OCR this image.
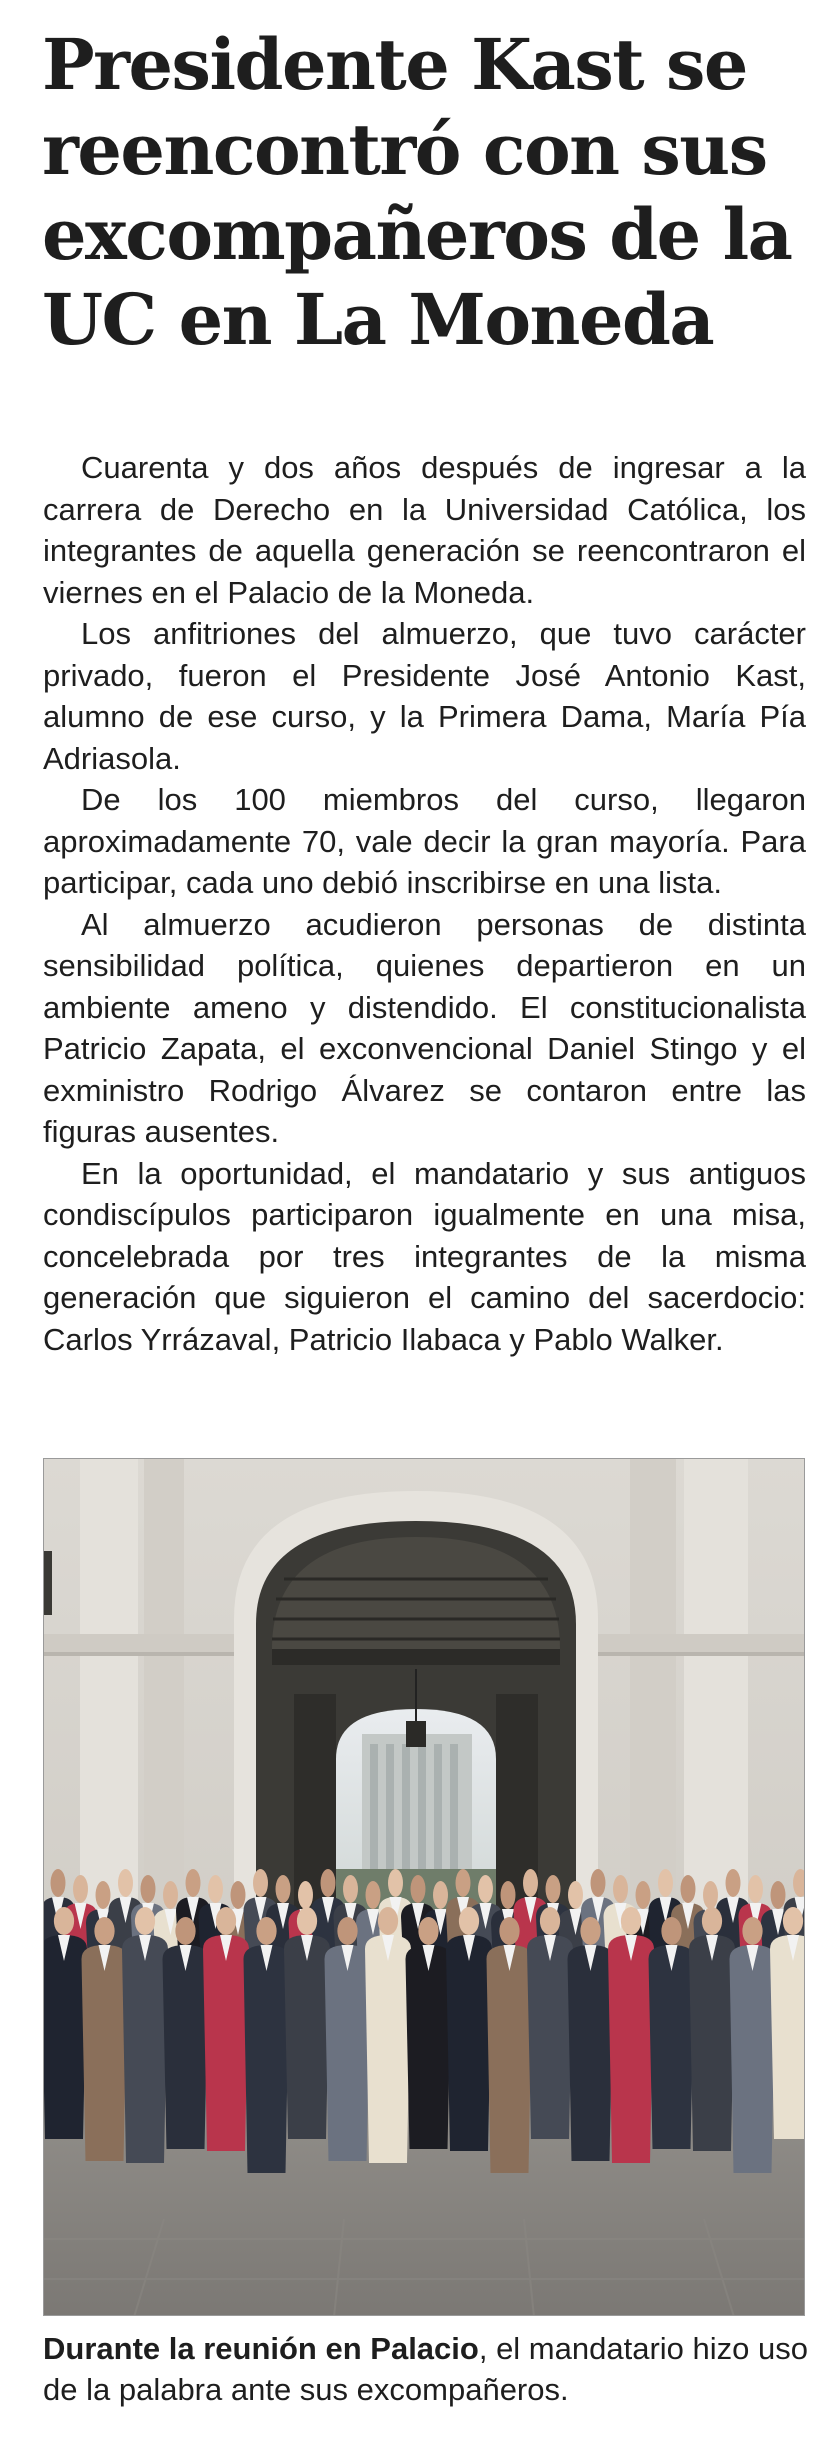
Presidente Kast se reencontró con sus excompañeros de la UC en La Moneda

Cuarenta y dos años después de ingresar a la carrera de Derecho en la Universidad Católica, los integrantes de aquella generación se reencontraron el viernes en el Palacio de la Moneda.

Los anfitriones del almuerzo, que tuvo carácter privado, fueron el Presidente José Antonio Kast, alumno de ese curso, y la Primera Dama, María Pía Adriasola.

De los 100 miembros del curso, llegaron aproximadamente 70, vale decir la gran mayoría. Para participar, cada uno debió inscribirse en una lista.

Al almuerzo acudieron personas de distinta sensibilidad política, quienes departieron en un ambiente ameno y distendido. El constitucionalista Patricio Zapata, el exconvencional Daniel Stingo y el exministro Rodrigo Álvarez se contaron entre las figuras ausentes.

En la oportunidad, el mandatario y sus antiguos condiscípulos participaron igualmente en una misa, concelebrada por tres integrantes de la misma generación que siguieron el camino del sacerdocio: Carlos Yrrázaval, Patricio Ilabaca y Pablo Walker.

Durante la reunión en Palacio, el mandatario hizo uso de la palabra ante sus excompañeros.
